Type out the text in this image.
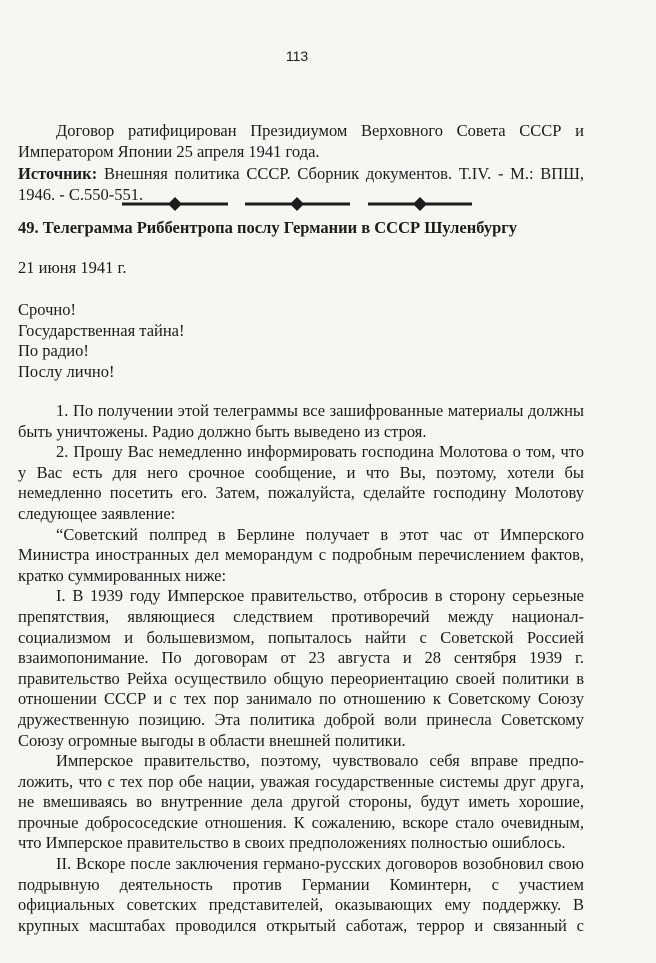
113
Договор ратифицирован Президиумом Верховного Совета СССР и
Императором Японии 25 апреля 1941 года.
Источник: Внешняя политика СССР. Сборник документов. T.IV. - М.: ВПШ,
1946. - С.550-551.
49. Телеграмма Риббентропа послу Германии в СССР Шуленбургу
21 июня 1941 г.
Срочно!
Государственная тайна!
По радио!
Послу лично!
1. По получении этой телеграммы все зашифрованные материалы должны
быть уничтожены. Радио должно быть выведено из строя.
2. Прошу Вас немедленно информировать господина Молотова о том, что
у Вас есть для него срочное сообщение, и что Вы, поэтому, хотели бы
немедленно посетить его. Затем, пожалуйста, сделайте господину Молотову
следующее заявление:
“Советский полпред в Берлине получает в этот час от Имперского
Министра иностранных дел меморандум с подробным перечислением фактов,
кратко суммированных ниже:
I. В 1939 году Имперское правительство, отбросив в сторону серьезные
препятствия, являющиеся следствием противоречий между национал-
социализмом и большевизмом, попыталось найти с Советской Россией
взаимопонимание. По договорам от 23 августа и 28 сентября 1939 г.
правительство Рейха осуществило общую переориентацию своей политики в
отношении СССР и с тех пор занимало по отношению к Советскому Союзу
дружественную позицию. Эта политика доброй воли принесла Советскому
Союзу огромные выгоды в области внешней политики.
Имперское правительство, поэтому, чувствовало себя вправе предпо-
ложить, что с тех пор обе нации, уважая государственные системы друг друга,
не вмешиваясь во внутренние дела другой стороны, будут иметь хорошие,
прочные добрососедские отношения. К сожалению, вскоре стало очевидным,
что Имперское правительство в своих предположениях полностью ошиблось.
II. Вскоре после заключения германо-русских договоров возобновил свою
подрывную деятельность против Германии Коминтерн, с участием
официальных советских представителей, оказывающих ему поддержку. В
крупных масштабах проводился открытый саботаж, террор и связанный с
